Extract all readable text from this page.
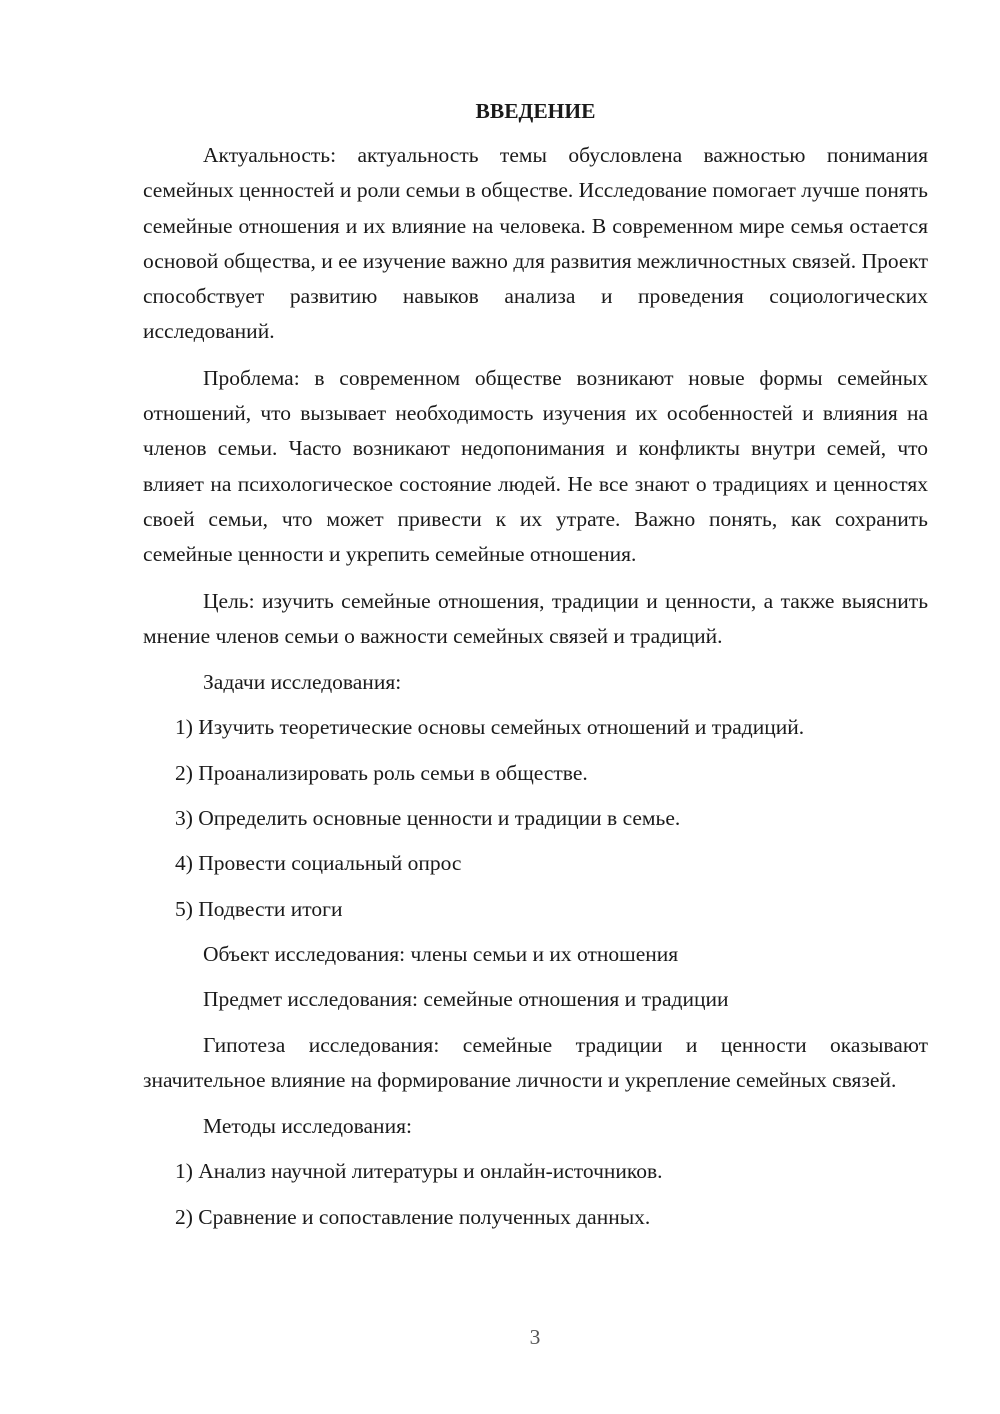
ВВЕДЕНИЕ

Актуальность: актуальность темы обусловлена важностью понимания семейных ценностей и роли семьи в обществе. Исследование помогает лучше понять семейные отношения и их влияние на человека. В современном мире семья остается основой общества, и ее изучение важно для развития межличностных связей. Проект способствует развитию навыков анализа и проведения социологических исследований.

Проблема: в современном обществе возникают новые формы семейных отношений, что вызывает необходимость изучения их особенностей и влияния на членов семьи. Часто возникают недопонимания и конфликты внутри семей, что влияет на психологическое состояние людей. Не все знают о традициях и ценностях своей семьи, что может привести к их утрате. Важно понять, как сохранить семейные ценности и укрепить семейные отношения.

Цель: изучить семейные отношения, традиции и ценности, а также выяснить мнение членов семьи о важности семейных связей и традиций.

Задачи исследования:

1) Изучить теоретические основы семейных отношений и традиций.

2) Проанализировать роль семьи в обществе.

3) Определить основные ценности и традиции в семье.

4) Провести социальный опрос

5) Подвести итоги

Объект исследования: члены семьи и их отношения

Предмет исследования: семейные отношения и традиции

Гипотеза исследования: семейные традиции и ценности оказывают значительное влияние на формирование личности и укрепление семейных связей.

Методы исследования:

1) Анализ научной литературы и онлайн-источников.

2) Сравнение и сопоставление полученных данных.

3
